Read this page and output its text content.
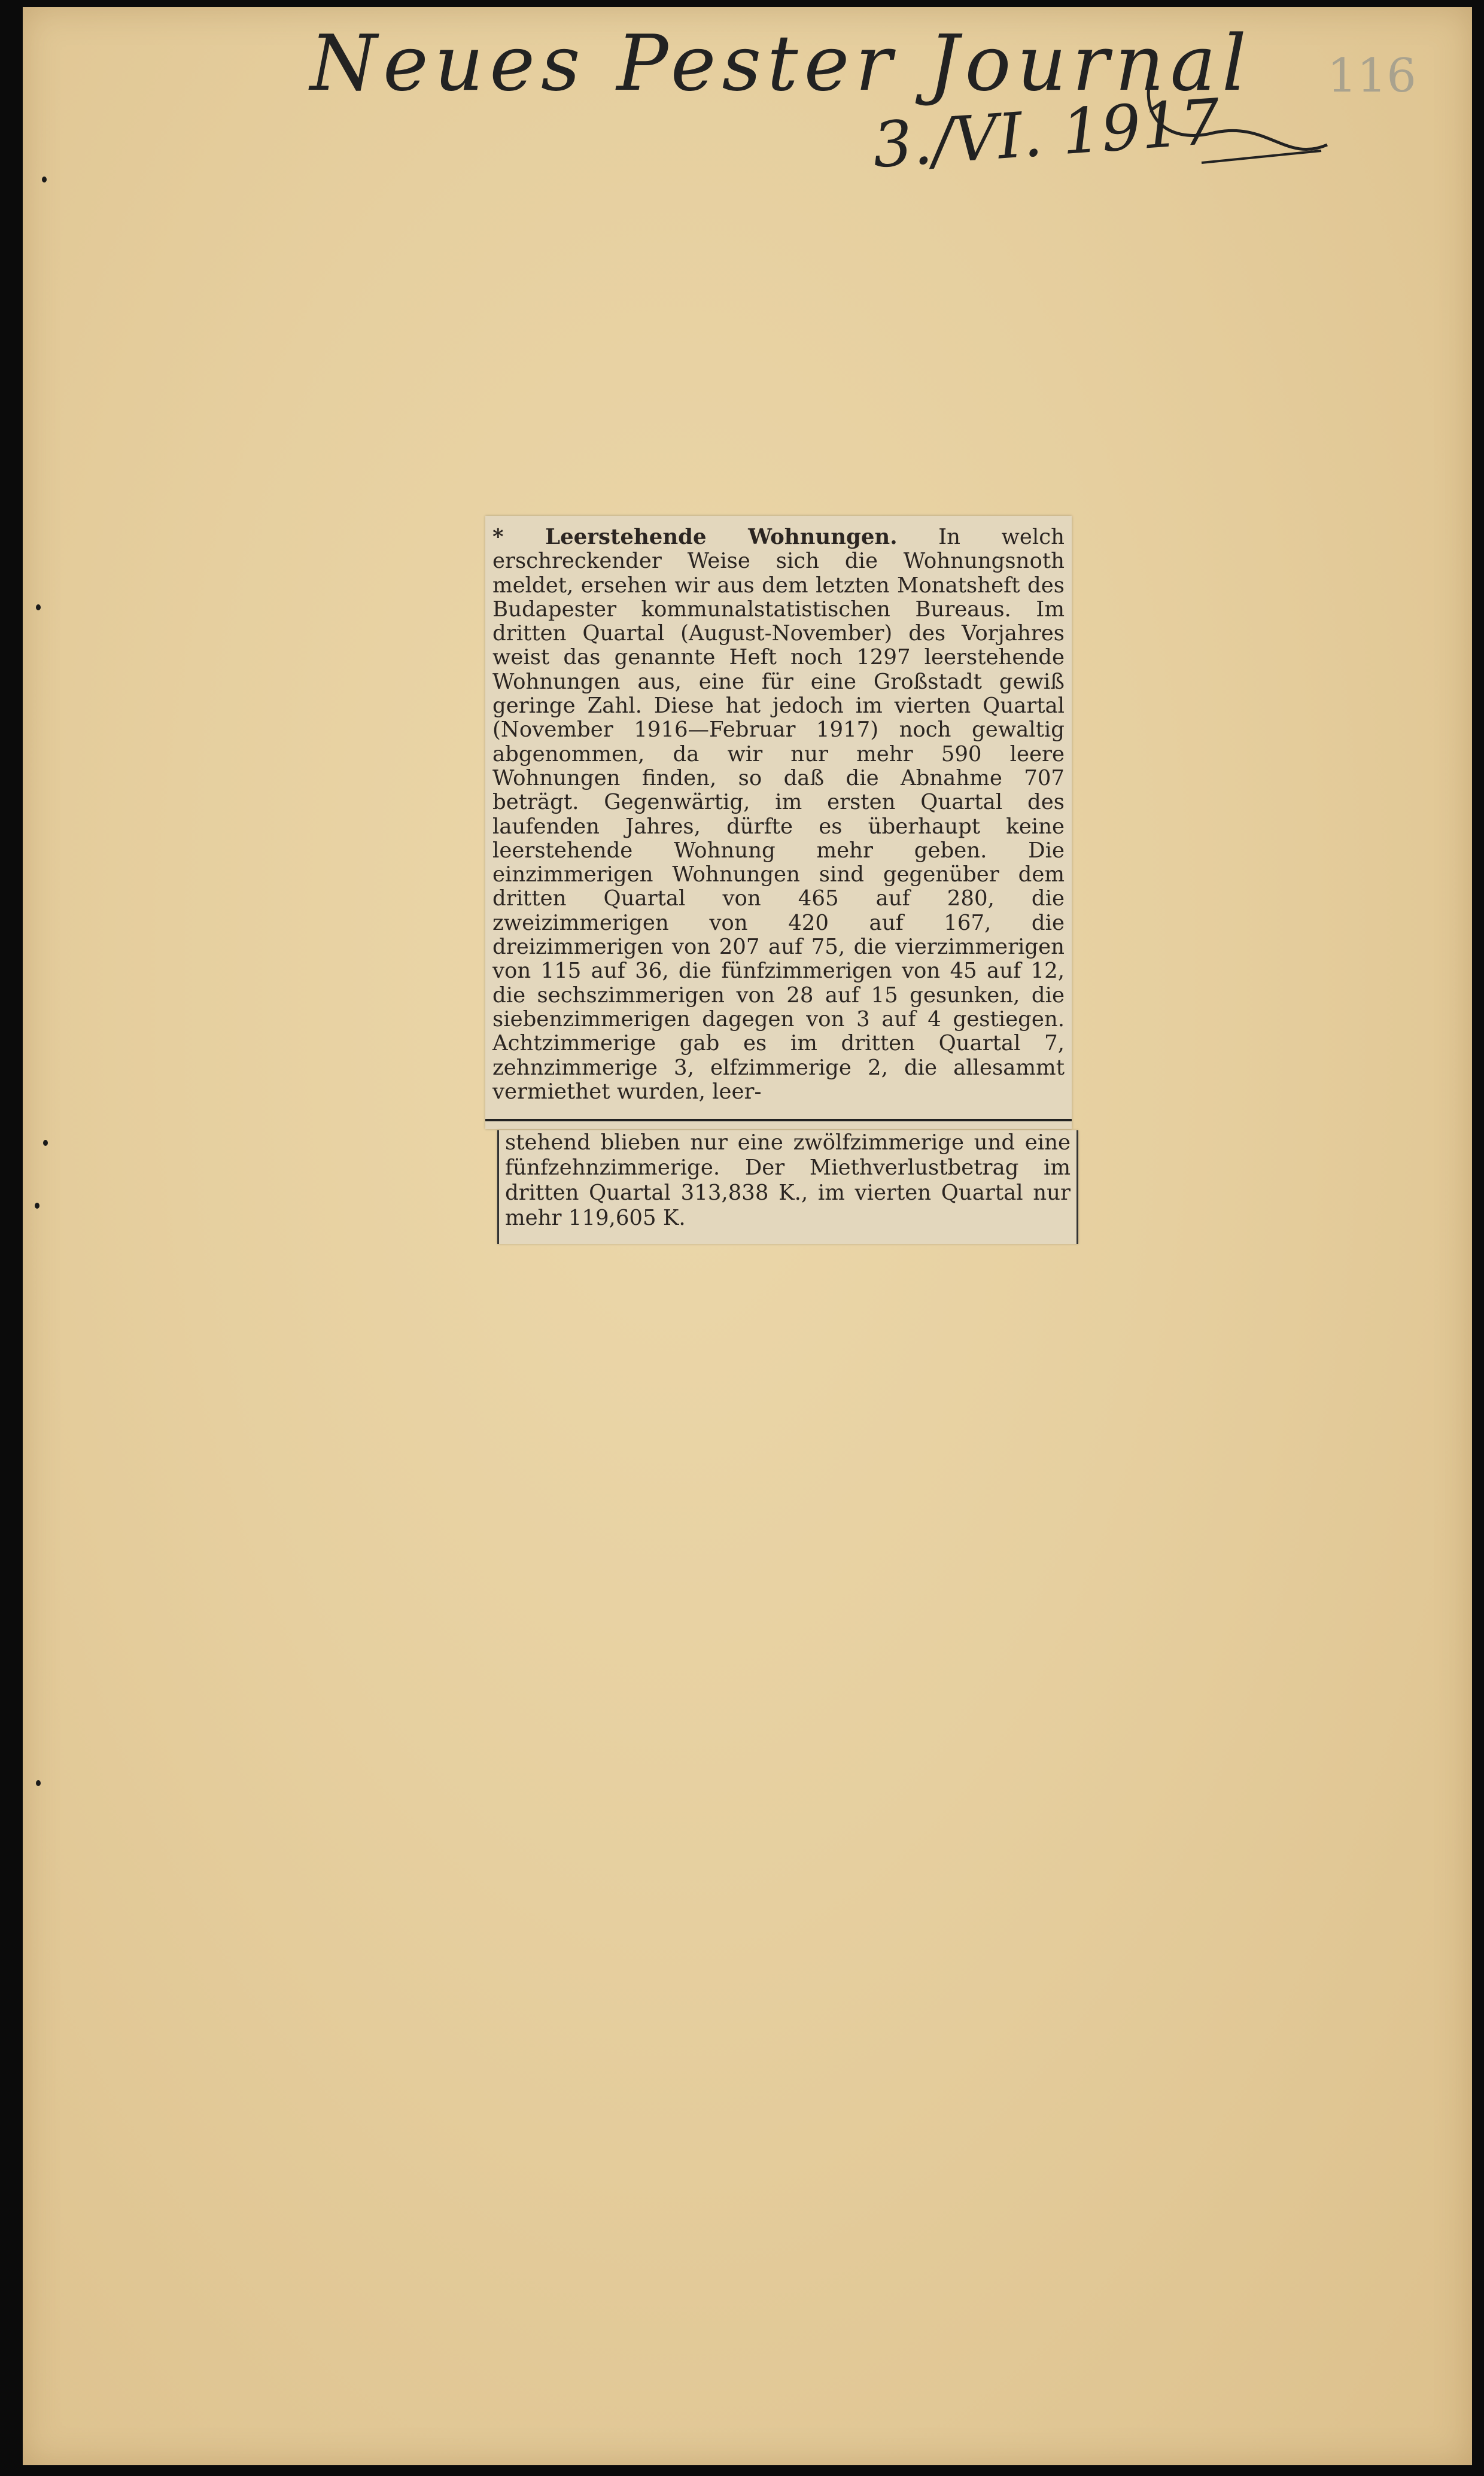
Neues Pester Journal
3./VI. 1917
116
* Leerstehende Wohnungen. In welch erschreckender Weise sich die Wohnungsnoth meldet, ersehen wir aus dem letzten Monatsheft des Budapester kommunalstatistischen Bureaus. Im dritten Quartal (August-November) des Vorjahres weist das genannte Heft noch 1297 leerstehende Wohnungen aus, eine für eine Großstadt gewiß geringe Zahl. Diese hat jedoch im vierten Quartal (November 1916—Februar 1917) noch gewaltig abgenommen, da wir nur mehr 590 leere Wohnungen finden, so daß die Abnahme 707 beträgt. Gegenwärtig, im ersten Quartal des laufenden Jahres, dürfte es überhaupt keine leerstehende Wohnung mehr geben. Die einzimmerigen Wohnungen sind gegenüber dem dritten Quartal von 465 auf 280, die zweizimmerigen von 420 auf 167, die dreizimmerigen von 207 auf 75, die vierzimmerigen von 115 auf 36, die fünfzimmerigen von 45 auf 12, die sechszimmerigen von 28 auf 15 gesunken, die siebenzimmerigen dagegen von 3 auf 4 gestiegen. Achtzimmerige gab es im dritten Quartal 7, zehnzimmerige 3, elfzimmerige 2, die allesammt vermiethet wurden, leer-
stehend blieben nur eine zwölfzimmerige und eine fünfzehnzimmerige. Der Miethverlustbetrag im dritten Quartal 313,838 K., im vierten Quartal nur mehr 119,605 K.
